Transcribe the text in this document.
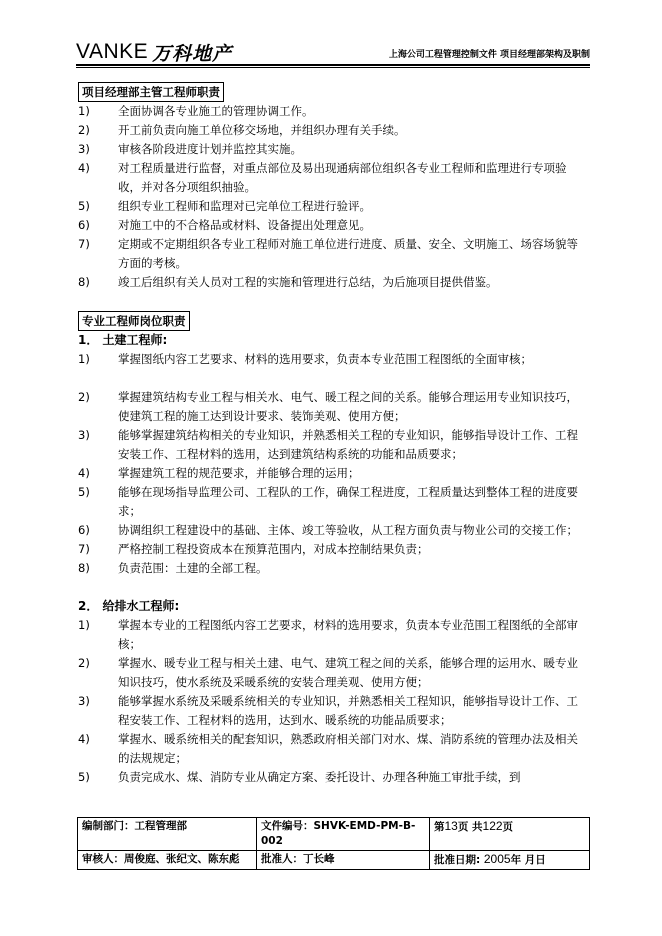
VANKE 万科地产	上海公司工程管理控制文件 项目经理部架构及职制
项目经理部主管工程师职责
1) 全面协调各专业施工的管理协调工作。
2) 开工前负责向施工单位移交场地，并组织办理有关手续。
3) 审核各阶段进度计划并监控其实施。
4) 对工程质量进行监督，对重点部位及易出现通病部位组织各专业工程师和监理进行专项验收，并对各分项组织抽验。
5) 组织专业工程师和监理对已完单位工程进行验评。
6) 对施工中的不合格品或材料、设备提出处理意见。
7) 定期或不定期组织各专业工程师对施工单位进行进度、质量、安全、文明施工、场容场貌等方面的考核。
8) 竣工后组织有关人员对工程的实施和管理进行总结，为后施项目提供借鉴。
专业工程师岗位职责
1． 土建工程师:
1) 掌握图纸内容工艺要求、材料的选用要求，负责本专业范围工程图纸的全面审核；
2) 掌握建筑结构专业工程与相关水、电气、暖工程之间的关系。能够合理运用专业知识技巧，使建筑工程的施工达到设计要求、装饰美观、使用方便；
3) 能够掌握建筑结构相关的专业知识，并熟悉相关工程的专业知识，能够指导设计工作、工程安装工作、工程材料的选用，达到建筑结构系统的功能和品质要求；
4) 掌握建筑工程的规范要求，并能够合理的运用；
5) 能够在现场指导监理公司、工程队的工作，确保工程进度，工程质量达到整体工程的进度要求；
6) 协调组织工程建设中的基础、主体、竣工等验收，从工程方面负责与物业公司的交接工作；
7) 严格控制工程投资成本在预算范围内，对成本控制结果负责；
8) 负责范围：土建的全部工程。
2． 给排水工程师:
1) 掌握本专业的工程图纸内容工艺要求，材料的选用要求，负责本专业范围工程图纸的全部审核；
2) 掌握水、暖专业工程与相关土建、电气、建筑工程之间的关系，能够合理的运用水、暖专业知识技巧，使水系统及采暖系统的安装合理美观、使用方便；
3) 能够掌握水系统及采暖系统相关的专业知识，并熟悉相关工程知识，能够指导设计工作、工程安装工作、工程材料的选用，达到水、暖系统的功能品质要求；
4) 掌握水、暖系统相关的配套知识，熟悉政府相关部门对水、煤、消防系统的管理办法及相关的法规规定；
5) 负责完成水、煤、消防专业从确定方案、委托设计、办理各种施工审批手续，到
编制部门：工程管理部	文件编号：SHVK-EMD-PM-B-002	第13页 共122页
审核人：周俊庭、张纪文、陈东彪	批准人：丁长峰	批准日期: 2005年 月日
